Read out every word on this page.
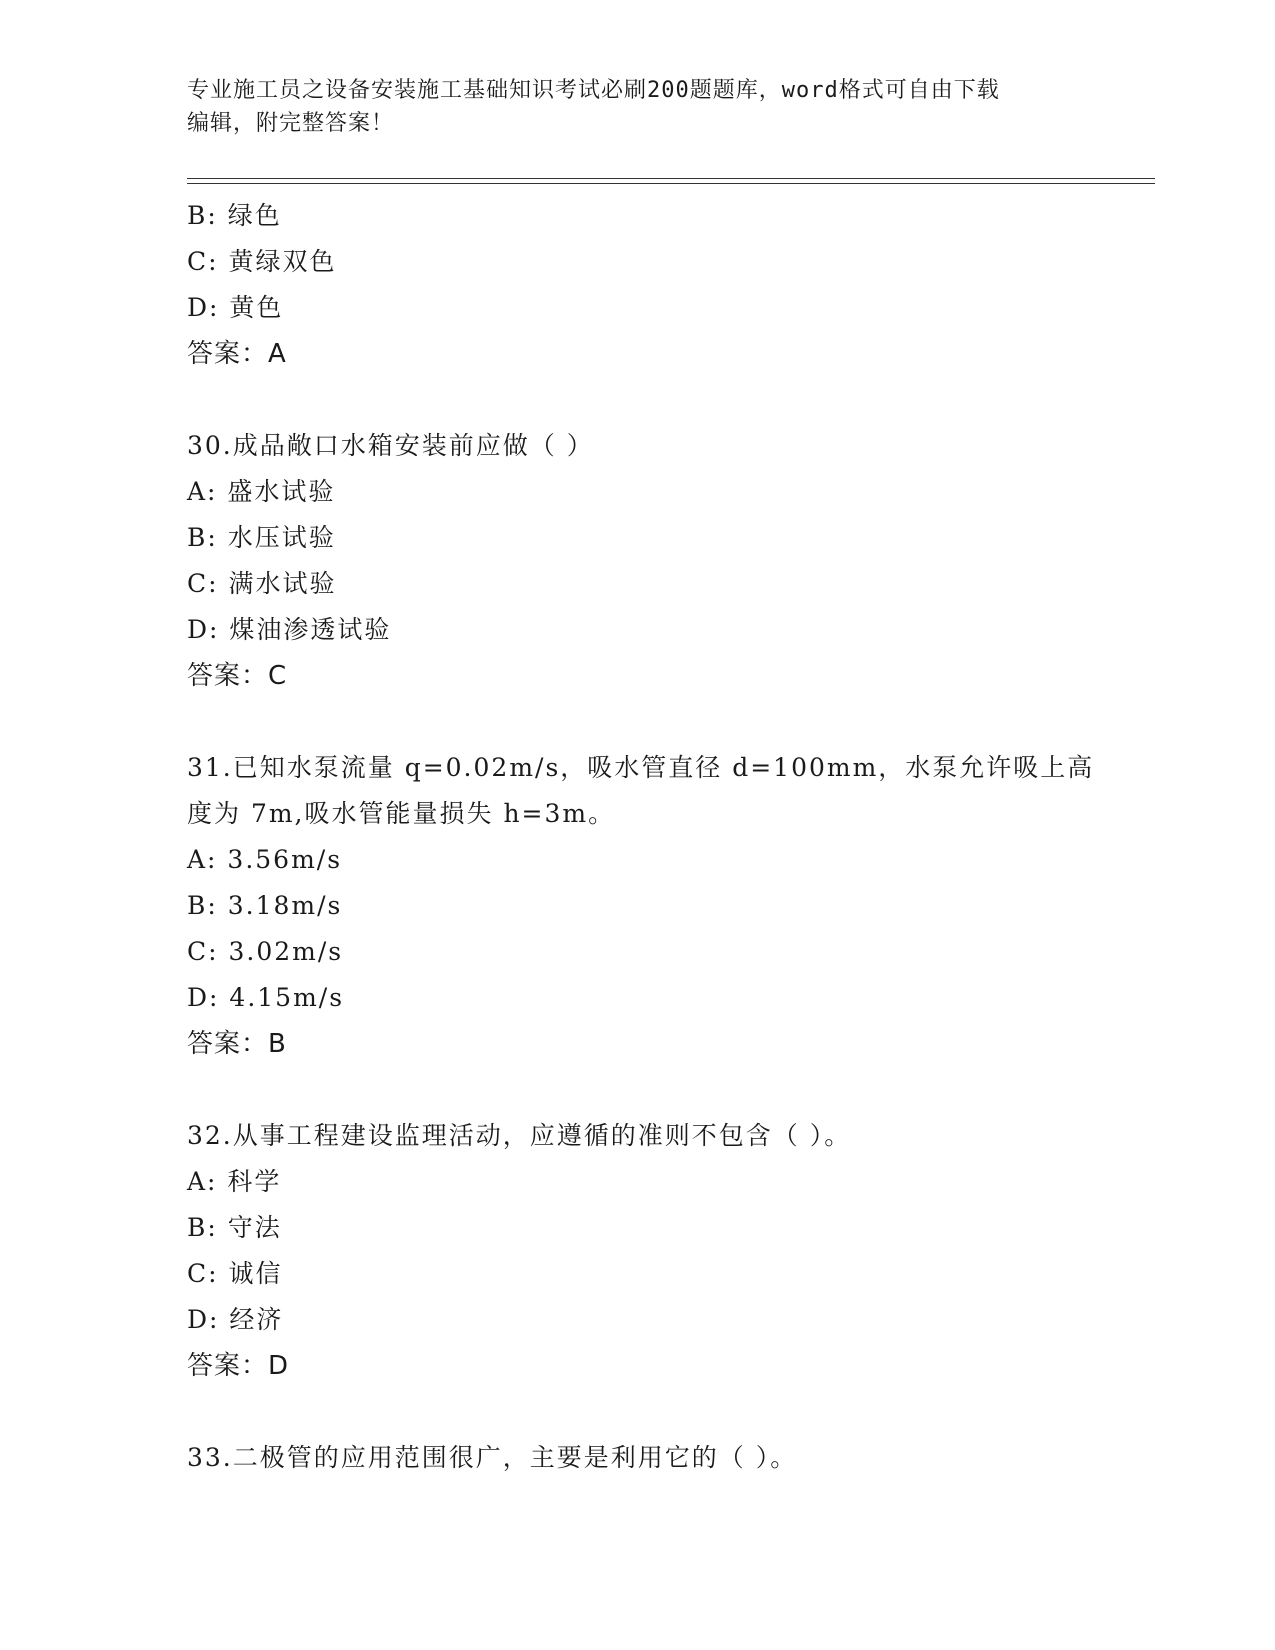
专业施工员之设备安装施工基础知识考试必刷200题题库，word格式可自由下载
编辑，附完整答案！
B: 绿色
C: 黄绿双色
D: 黄色
答案：A
30.成品敞口水箱安装前应做（ ）
A: 盛水试验
B: 水压试验
C: 满水试验
D: 煤油渗透试验
答案：C
31.已知水泵流量 q=0.02m/s，吸水管直径 d=100mm，水泵允许吸上高
度为 7m,吸水管能量损失 h=3m。
A: 3.56m/s
B: 3.18m/s
C: 3.02m/s
D: 4.15m/s
答案：B
32.从事工程建设监理活动，应遵循的准则不包含（ ）。
A: 科学
B: 守法
C: 诚信
D: 经济
答案：D
33.二极管的应用范围很广，主要是利用它的（ ）。
